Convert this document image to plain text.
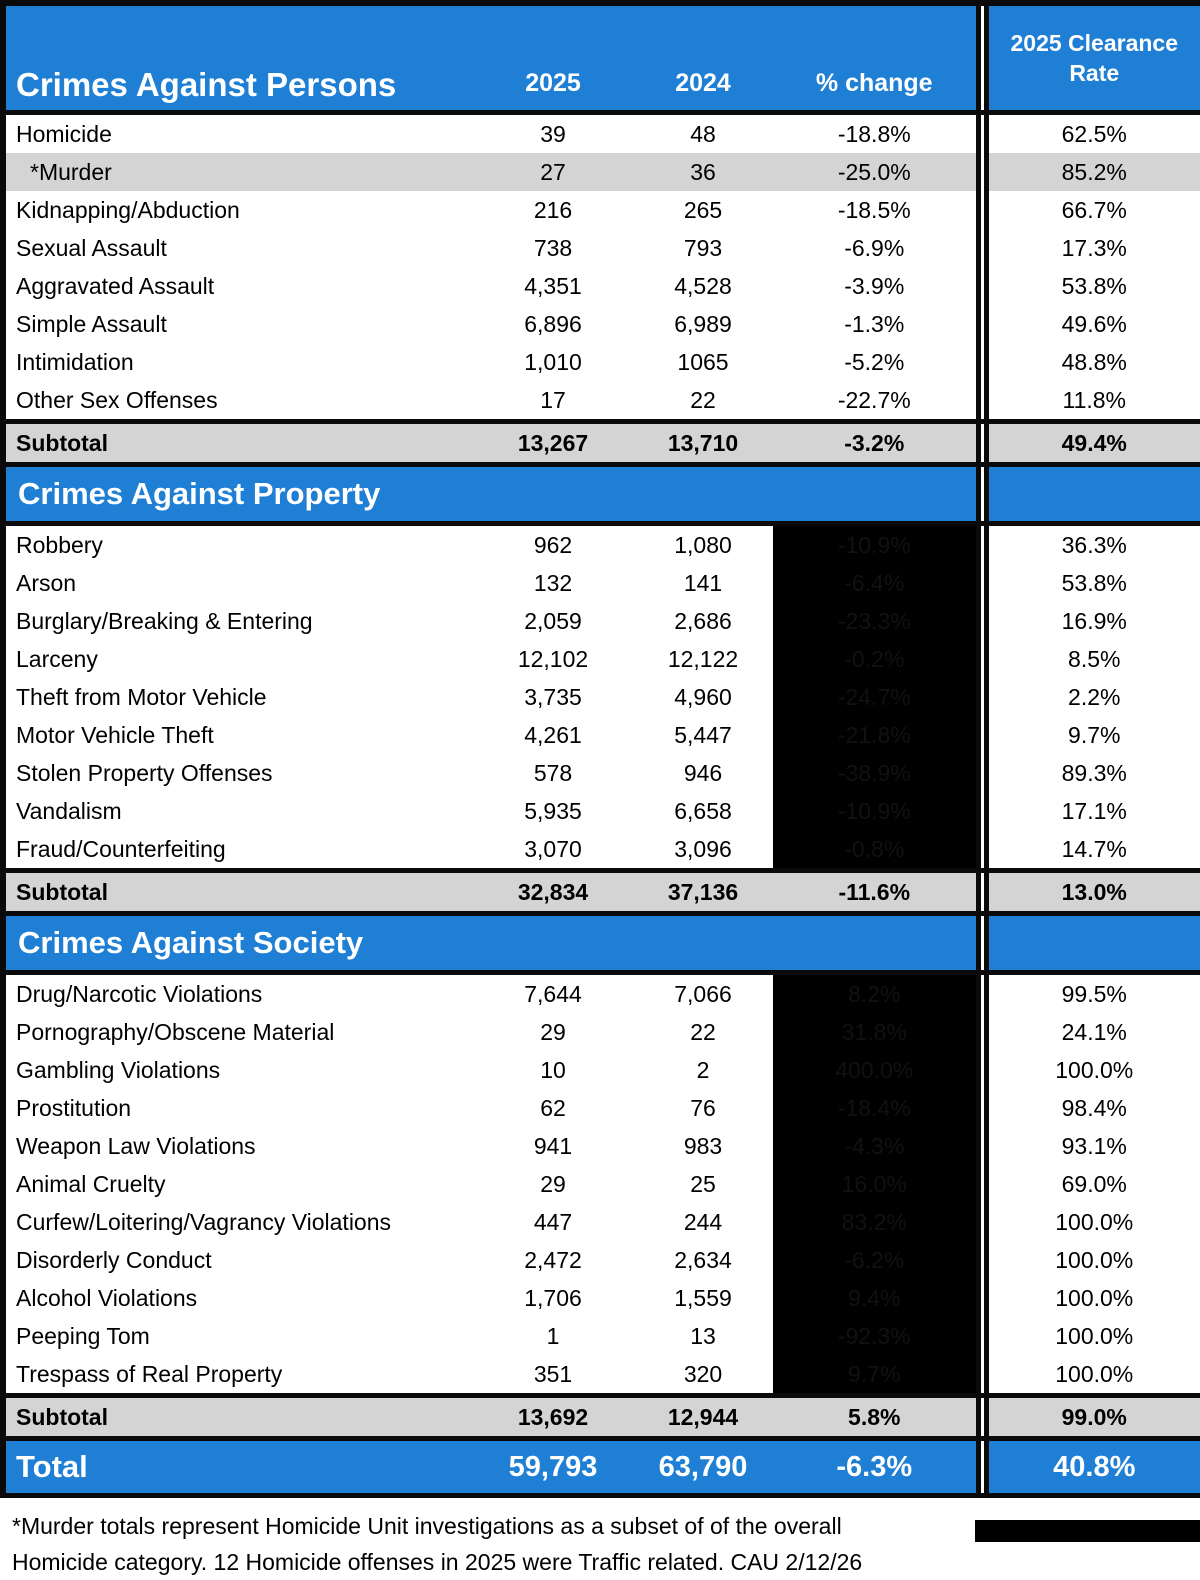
Crimes Against Persons	2025	2024	% change		2025 Clearance
Rate
Homicide	39	48	-18.8%		62.5%
*Murder	27	36	-25.0%		85.2%
Kidnapping/Abduction	216	265	-18.5%		66.7%
Sexual Assault	738	793	-6.9%		17.3%
Aggravated Assault	4,351	4,528	-3.9%		53.8%
Simple Assault	6,896	6,989	-1.3%		49.6%
Intimidation	1,010	1065	-5.2%		48.8%
Other Sex Offenses	17	22	-22.7%		11.8%
Subtotal	13,267	13,710	-3.2%		49.4%
Crimes Against Property					
Robbery	962	1,080	-10.9%		36.3%
Arson	132	141	-6.4%		53.8%
Burglary/Breaking & Entering	2,059	2,686	-23.3%		16.9%
Larceny	12,102	12,122	-0.2%		8.5%
Theft from Motor Vehicle	3,735	4,960	-24.7%		2.2%
Motor Vehicle Theft	4,261	5,447	-21.8%		9.7%
Stolen Property Offenses	578	946	-38.9%		89.3%
Vandalism	5,935	6,658	-10.9%		17.1%
Fraud/Counterfeiting	3,070	3,096	-0.8%		14.7%
Subtotal	32,834	37,136	-11.6%		13.0%
Crimes Against Society					
Drug/Narcotic Violations	7,644	7,066	8.2%		99.5%
Pornography/Obscene Material	29	22	31.8%		24.1%
Gambling Violations	10	2	400.0%		100.0%
Prostitution	62	76	-18.4%		98.4%
Weapon Law Violations	941	983	-4.3%		93.1%
Animal Cruelty	29	25	16.0%		69.0%
Curfew/Loitering/Vagrancy Violations	447	244	83.2%		100.0%
Disorderly Conduct	2,472	2,634	-6.2%		100.0%
Alcohol Violations	1,706	1,559	9.4%		100.0%
Peeping Tom	1	13	-92.3%		100.0%
Trespass of Real Property	351	320	9.7%		100.0%
Subtotal	13,692	12,944	5.8%		99.0%
Total	59,793	63,790	-6.3%		40.8%
*Murder totals represent Homicide Unit investigations as a subset of of the overall
Homicide category. 12 Homicide offenses in 2025 were Traffic related. CAU 2/12/26
